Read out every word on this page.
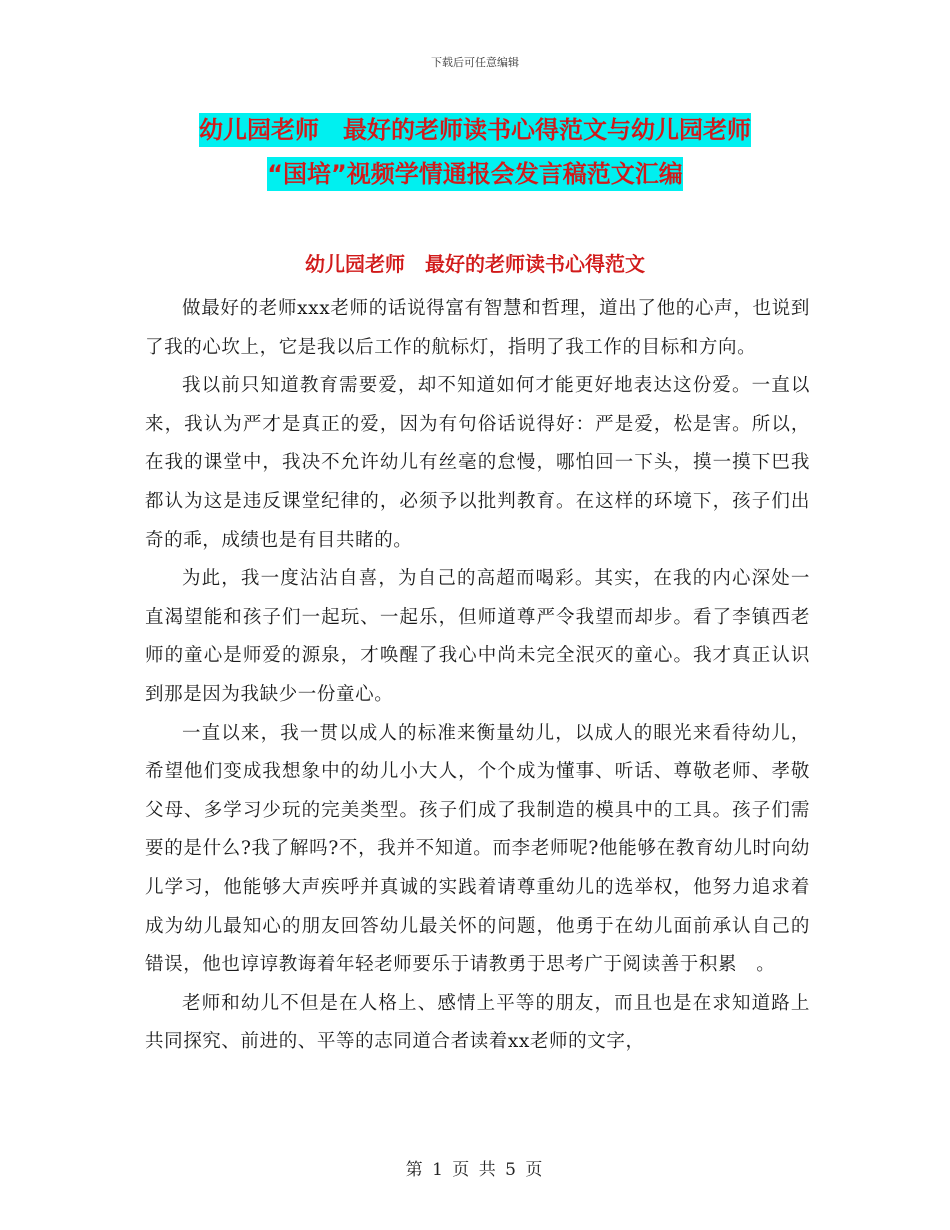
下载后可任意编辑
幼儿园老师　最好的老师读书心得范文与幼儿园老师
“国培”视频学情通报会发言稿范文汇编
幼儿园老师　最好的老师读书心得范文

做最好的老师xxx老师的话说得富有智慧和哲理，道出了他的心声，也说到了我的心坎上，它是我以后工作的航标灯，指明了我工作的目标和方向。

我以前只知道教育需要爱，却不知道如何才能更好地表达这份爱。一直以来，我认为严才是真正的爱，因为有句俗话说得好：严是爱，松是害。所以，在我的课堂中，我决不允许幼儿有丝毫的怠慢，哪怕回一下头，摸一摸下巴我都认为这是违反课堂纪律的，必须予以批判教育。在这样的环境下，孩子们出奇的乖，成绩也是有目共睹的。

为此，我一度沾沾自喜，为自己的高超而喝彩。其实，在我的内心深处一直渴望能和孩子们一起玩、一起乐，但师道尊严令我望而却步。看了李镇西老师的童心是师爱的源泉，才唤醒了我心中尚未完全泯灭的童心。我才真正认识到那是因为我缺少一份童心。

一直以来，我一贯以成人的标准来衡量幼儿，以成人的眼光来看待幼儿，希望他们变成我想象中的幼儿小大人，个个成为懂事、听话、尊敬老师、孝敬父母、多学习少玩的完美类型。孩子们成了我制造的模具中的工具。孩子们需要的是什么?我了解吗?不，我并不知道。而李老师呢?他能够在教育幼儿时向幼儿学习，他能够大声疾呼并真诚的实践着请尊重幼儿的选举权，他努力追求着成为幼儿最知心的朋友回答幼儿最关怀的问题，他勇于在幼儿面前承认自己的错误，他也谆谆教诲着年轻老师要乐于请教勇于思考广于阅读善于积累　。

老师和幼儿不但是在人格上、感情上平等的朋友，而且也是在求知道路上共同探究、前进的、平等的志同道合者读着xx老师的文字，

第 1 页 共 5 页
